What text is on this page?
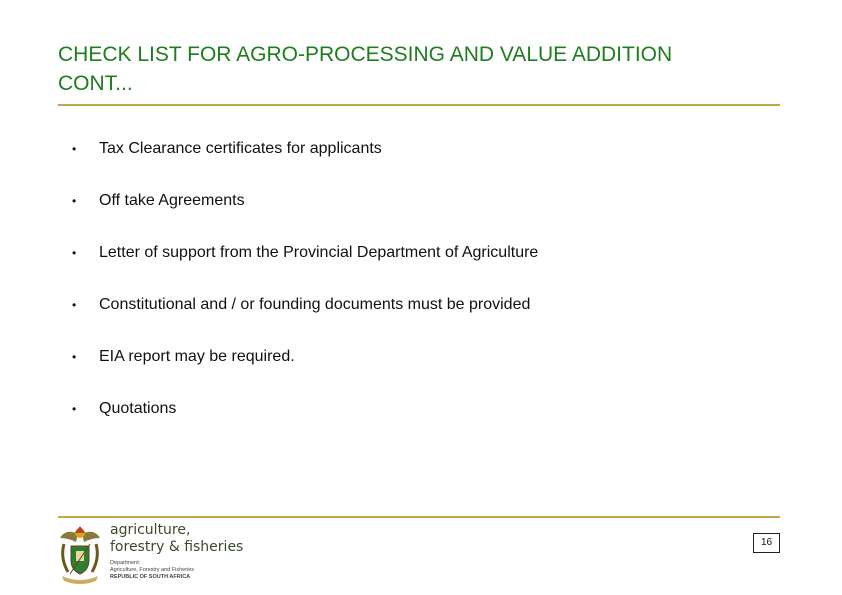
CHECK LIST FOR AGRO-PROCESSING AND VALUE ADDITION
CONT...
•	Tax Clearance certificates for applicants
•	Off take Agreements
•	Letter of support from the Provincial Department of Agriculture
•	Constitutional and / or founding documents must be provided
•	EIA report may be required.
•	Quotations
agriculture,
forestry & fisheries
Department:
Agriculture, Forestry and Fisheries
REPUBLIC OF SOUTH AFRICA
16
